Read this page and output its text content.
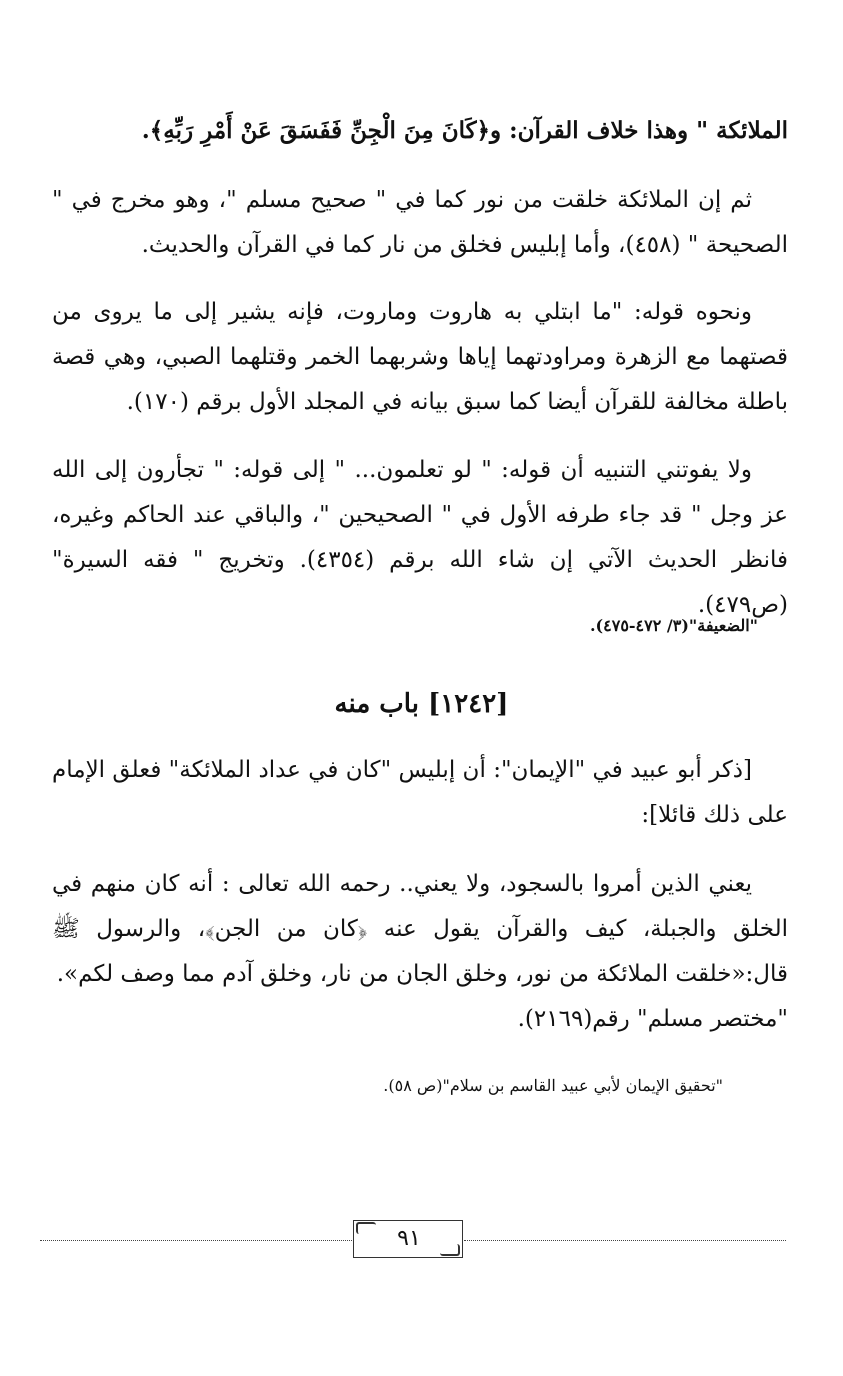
الملائكة " وهذا خلاف القرآن: و﴿كَانَ مِنَ الْجِنِّ فَفَسَقَ عَنْ أَمْرِ رَبِّهِ﴾.

ثم إن الملائكة خلقت من نور كما في " صحيح مسلم "، وهو مخرج في " الصحيحة " (٤٥٨)، وأما إبليس فخلق من نار كما في القرآن والحديث.

ونحوه قوله: "ما ابتلي به هاروت وماروت، فإنه يشير إلى ما يروى من قصتهما مع الزهرة ومراودتهما إياها وشربهما الخمر وقتلهما الصبي، وهي قصة باطلة مخالفة للقرآن أيضا كما سبق بيانه في المجلد الأول برقم (١٧٠).

ولا يفوتني التنبيه أن قوله: " لو تعلمون... " إلى قوله: " تجأرون إلى الله عز وجل " قد جاء طرفه الأول في " الصحيحين "، والباقي عند الحاكم وغيره، فانظر الحديث الآتي إن شاء الله برقم (٤٣٥٤). وتخريج " فقه السيرة" (ص٤٧٩).

"الضعيفة"(٣/ ٤٧٢-٤٧٥).

[١٢٤٢] باب منه

[ذكر أبو عبيد في "الإيمان": أن إبليس "كان في عداد الملائكة" فعلق الإمام على ذلك قائلا]:

يعني الذين أمروا بالسجود، ولا يعني.. رحمه الله تعالى : أنه كان منهم في الخلق والجبلة، كيف والقرآن يقول عنه ﴿كان من الجن﴾، والرسول ﷺ قال:«خلقت الملائكة من نور، وخلق الجان من نار، وخلق آدم مما وصف لكم».

"مختصر مسلم" رقم(٢١٦٩).

"تحقيق الإيمان لأبي عبيد القاسم بن سلام"(ص ٥٨).

٩١
